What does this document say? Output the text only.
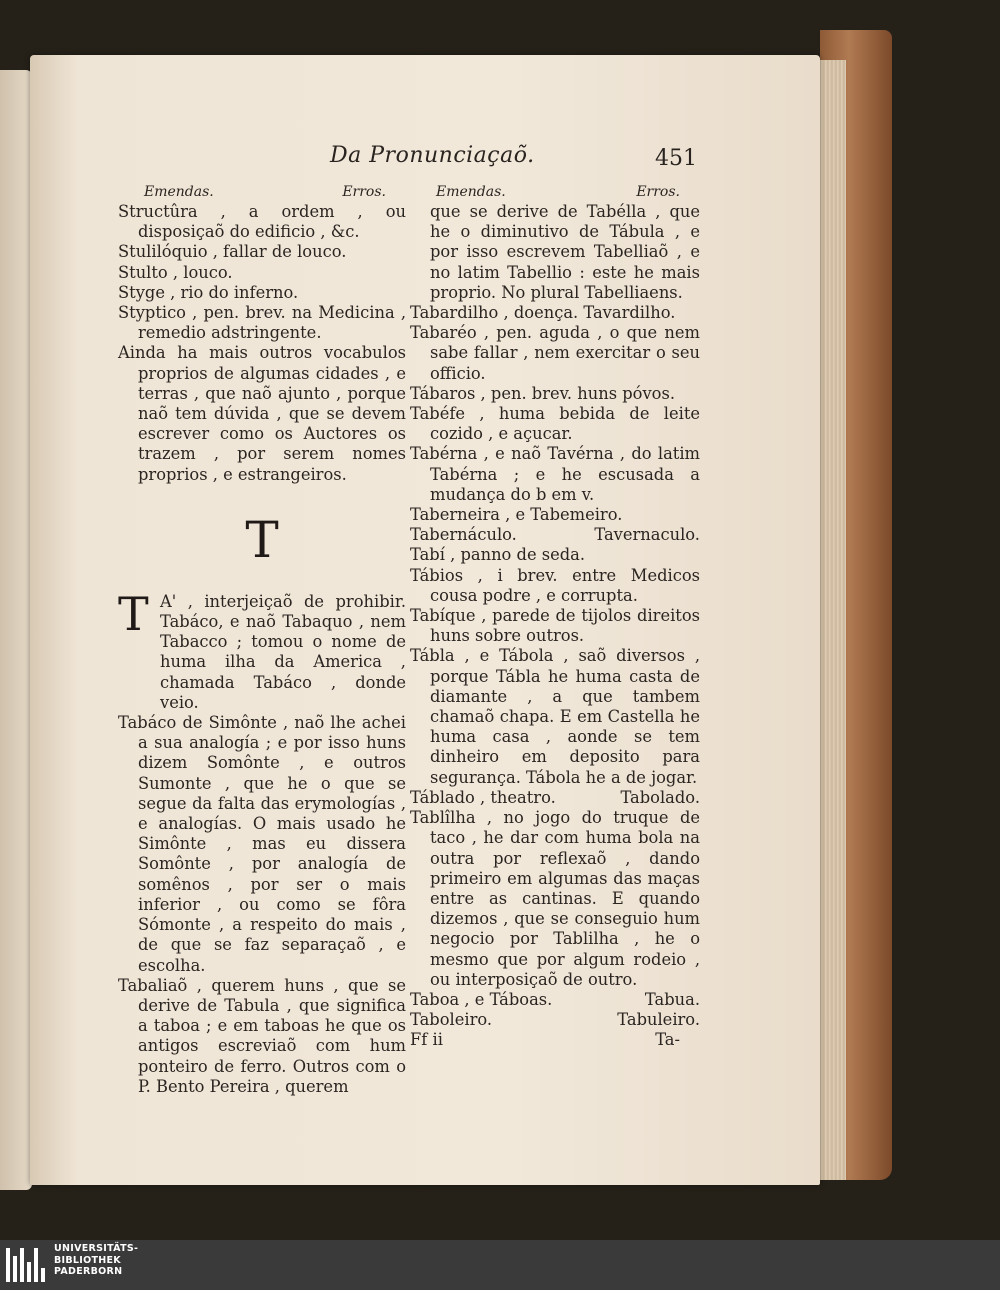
Da Pronunciaçaõ.	451
Emendas.	Erros.

Structûra , a ordem , ou disposiçaõ do edificio , &c.

Stulilóquio , fallar de louco.

Stulto , louco.

Styge , rio do inferno.

Styptico , pen. brev. na Medicina , remedio adstringente.

Ainda ha mais outros vocabulos proprios de algumas cidades , e terras , que naõ ajunto , porque naõ tem dúvida , que se devem escrever como os Auctores os trazem , por serem nomes proprios , e estrangeiros.

T

T A' , interjeiçaõ de prohibir. Tabáco, e naõ Tabaquo , nem Tabacco ; tomou o nome de huma ilha da America , chamada Tabáco , donde veio.

Tabáco de Simônte , naõ lhe achei a sua analogía ; e por isso huns dizem Somônte , e outros Sumonte , que he o que se segue da falta das erymologías , e analogías. O mais usado he Simônte , mas eu dissera Somônte , por analogía de somênos , por ser o mais inferior , ou como se fôra Sómonte , a respeito do mais , de que se faz separaçaõ , e escolha.

Tabaliaõ , querem huns , que se derive de Tabula , que significa a taboa ; e em taboas he que os antigos escreviaõ com hum ponteiro de ferro. Outros com o P. Bento Pereira , querem

Emendas.	Erros.

que se derive de Tabélla , que he o diminutivo de Tábula , e por isso escrevem Tabelliaõ , e no latim Tabellio : este he mais proprio. No plural Tabelliaens.

Tabardilho , doença. Tavardilho.

Tabaréo , pen. aguda , o que nem sabe fallar , nem exercitar o seu officio.

Tábaros , pen. brev. huns póvos.

Tabéfe , huma bebida de leite cozido , e açucar.

Tabérna , e naõ Tavérna , do latim Tabérna ; e he escusada a mudança do b em v.

Taberneira , e Tabemeiro.

Tabernáculo.	Tavernaculo.

Tabí , panno de seda.

Tábios , i brev. entre Medicos cousa podre , e corrupta.

Tabíque , parede de tijolos direitos huns sobre outros.

Tábla , e Tábola , saõ diversos , porque Tábla he huma casta de diamante , a que tambem chamaõ chapa. E em Castella he huma casa , aonde se tem dinheiro em deposito para segurança. Tábola he a de jogar.

Táblado , theatro.	Tabolado.

Tablîlha , no jogo do truque de taco , he dar com huma bola na outra por reflexaõ , dando primeiro em algumas das maças entre as cantinas. E quando dizemos , que se conseguio hum negocio por Tablilha , he o mesmo que por algum rodeio , ou interposiçaõ de outro.

Taboa , e Táboas.	Tabua.

Taboleiro.	Tabuleiro.

Ff ii	Ta-
UNIVERSITÄTS-
BIBLIOTHEK
PADERBORN
